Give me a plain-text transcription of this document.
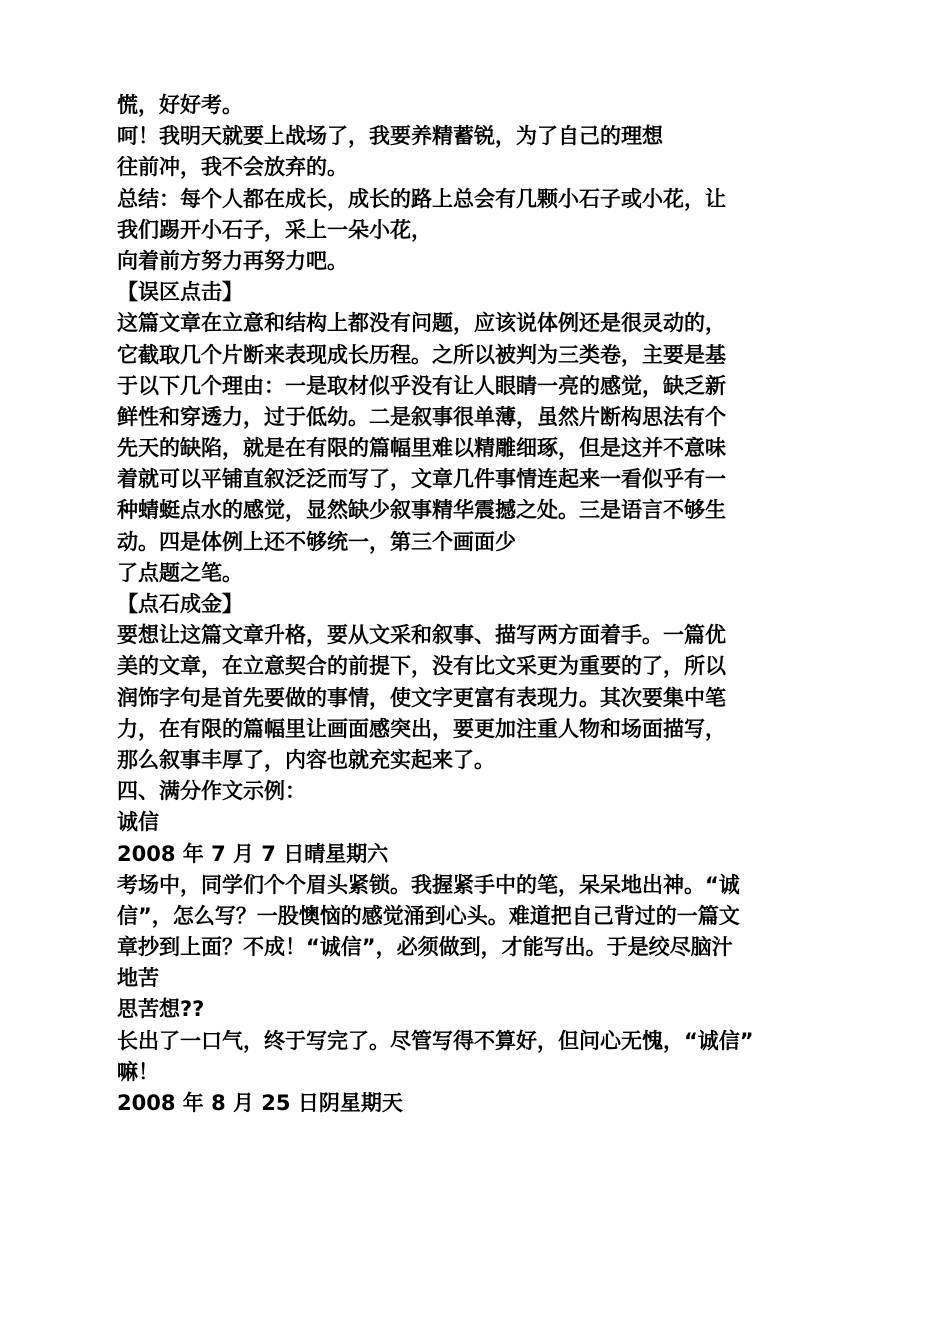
慌，好好考。
呵！我明天就要上战场了，我要养精蓄锐，为了自己的理想
往前冲，我不会放弃的。
总结：每个人都在成长，成长的路上总会有几颗小石子或小花，让
我们踢开小石子，采上一朵小花，
向着前方努力再努力吧。
【误区点击】
这篇文章在立意和结构上都没有问题，应该说体例还是很灵动的，
它截取几个片断来表现成长历程。之所以被判为三类卷，主要是基
于以下几个理由：一是取材似乎没有让人眼睛一亮的感觉，缺乏新
鲜性和穿透力，过于低幼。二是叙事很单薄，虽然片断构思法有个
先天的缺陷，就是在有限的篇幅里难以精雕细琢，但是这并不意味
着就可以平铺直叙泛泛而写了，文章几件事情连起来一看似乎有一
种蜻蜓点水的感觉，显然缺少叙事精华震撼之处。三是语言不够生
动。四是体例上还不够统一，第三个画面少
了点题之笔。
【点石成金】
要想让这篇文章升格，要从文采和叙事、描写两方面着手。一篇优
美的文章，在立意契合的前提下，没有比文采更为重要的了，所以
润饰字句是首先要做的事情，使文字更富有表现力。其次要集中笔
力，在有限的篇幅里让画面感突出，要更加注重人物和场面描写，
那么叙事丰厚了，内容也就充实起来了。
四、满分作文示例：
诚信
2008 年 7 月 7 日晴星期六
考场中，同学们个个眉头紧锁。我握紧手中的笔，呆呆地出神。“诚
信”，怎么写？一股懊恼的感觉涌到心头。难道把自己背过的一篇文
章抄到上面？不成！“诚信”，必须做到，才能写出。于是绞尽脑汁
地苦
思苦想??
长出了一口气，终于写完了。尽管写得不算好，但问心无愧，“诚信”
嘛！
2008 年 8 月 25 日阴星期天
